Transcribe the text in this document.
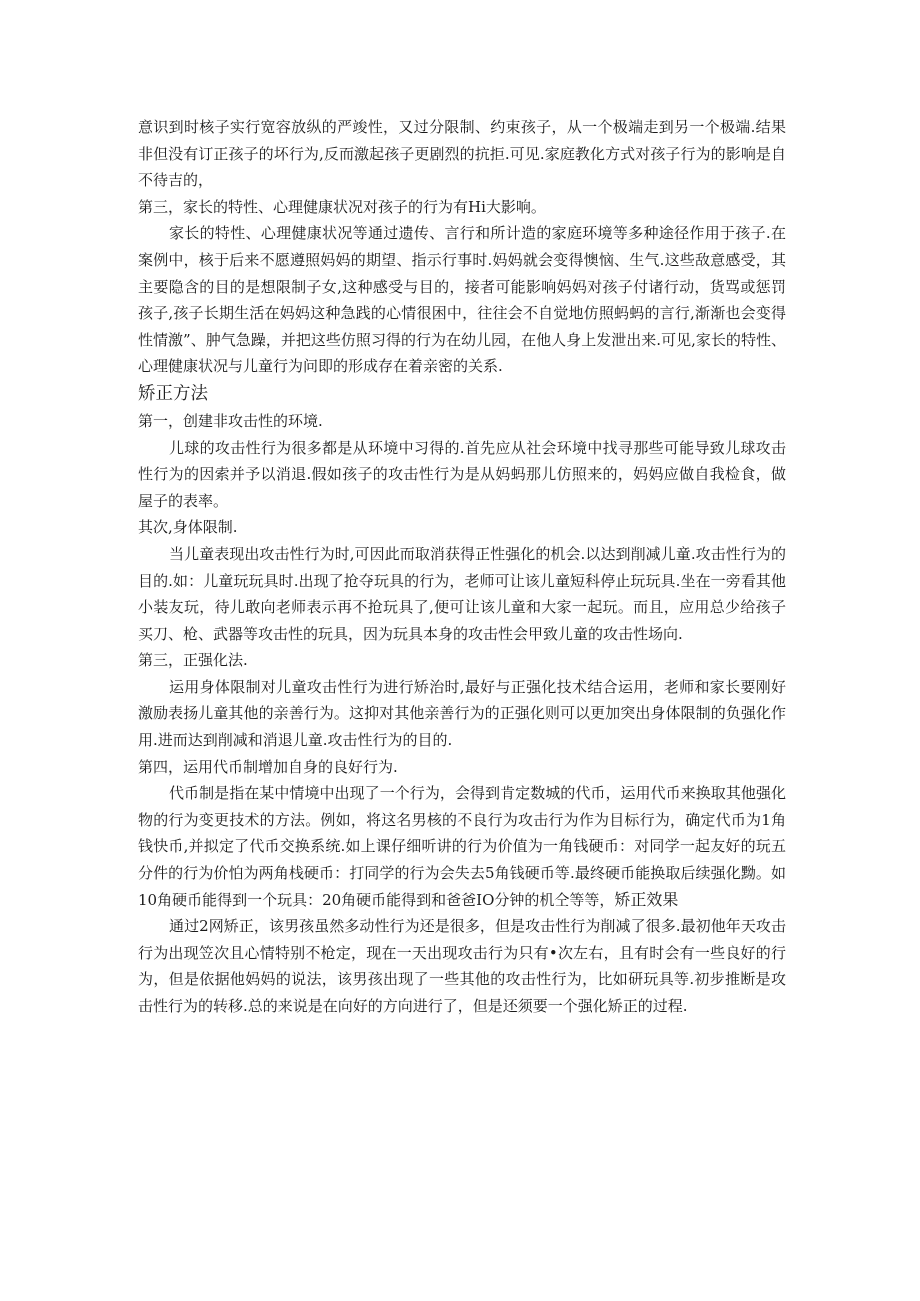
意识到时核子实行宽容放纵的严竣性，又过分限制、约束孩子，从一个极端走到另一个极端.结果非但没有订正孩子的坏行为,反而激起孩子更剧烈的抗拒.可见.家庭教化方式对孩子行为的影响是自不待吉的，

第三，家长的特性、心理健康状况对孩子的行为有Hi大影响。

家长的特性、心理健康状况等通过遗传、言行和所计造的家庭环境等多种途径作用于孩子.在案例中，核于后来不愿遵照妈妈的期望、指示行事时.妈妈就会变得懊恼、生气.这些敌意感受，其主要隐含的目的是想限制子女,这种感受与目的，接者可能影响妈妈对孩子付诸行动，货骂或惩罚孩子,孩子长期生活在妈妈这种急践的心情很困中，往往会不自觉地仿照蚂蚂的言行,渐渐也会变得性情激”、肿气急躁，并把这些仿照习得的行为在幼儿园，在他人身上发泄出来.可见,家长的特性、心理健康状况与儿童行为问即的形成存在着亲密的关系.

矫正方法

第一，创建非攻击性的环境.

儿球的攻击性行为很多都是从环境中习得的.首先应从社会环境中找寻那些可能导致儿球攻击性行为的因索并予以消退.假如孩子的攻击性行为是从妈蚂那儿仿照来的，妈妈应做自我检食，做屋子的表率。

其次,身体限制.

当儿童表现出攻击性行为时,可因此而取消获得正性强化的机会.以达到削减儿童.攻击性行为的目的.如：儿童玩玩具时.出现了抢夺玩具的行为，老师可让该儿童短科停止玩玩具.坐在一旁看其他小装友玩，待儿敢向老师表示再不抢玩具了,便可让该儿童和大家一起玩。而且，应用总少给孩子买刀、枪、武器等攻击性的玩具，因为玩具本身的攻击性会甲致儿童的攻击性场向.

第三，正强化法.

运用身体限制对儿童攻击性行为进行矫治时,最好与正强化技术结合运用，老师和家长要刚好激励表扬儿童其他的亲善行为。这抑对其他亲善行为的正强化则可以更加突出身体限制的负强化作用.进而达到削减和消退儿童.攻击性行为的目的.

第四，运用代币制增加自身的良好行为.

代币制是指在某中情境中出现了一个行为，会得到肯定数城的代币，运用代币来换取其他强化物的行为变更技术的方法。例如，将这名男核的不良行为攻击行为作为目标行为，确定代币为1角钱快币,并拟定了代币交换系统.如上课仔细听讲的行为价值为一角钱硬币：对同学一起友好的玩五分件的行为价怕为两角栈硬币：打同学的行为会失去5角钱硬币等.最终硬币能换取后续强化黝。如10角硬币能得到一个玩具：20角硬币能得到和爸爸IO分钟的机仝等等，矫正效果

通过2网矫正，该男孩虽然多动性行为还是很多，但是攻击性行为削减了很多.最初他年天攻击行为出现笠次且心情特别不枪定，现在一天出现攻击行为只有•次左右，且有时会有一些良好的行为，但是依据他妈妈的说法，该男孩出现了一些其他的攻击性行为，比如研玩具等.初步推断是攻击性行为的转移.总的来说是在向好的方向进行了，但是还须要一个强化矫正的过程.
